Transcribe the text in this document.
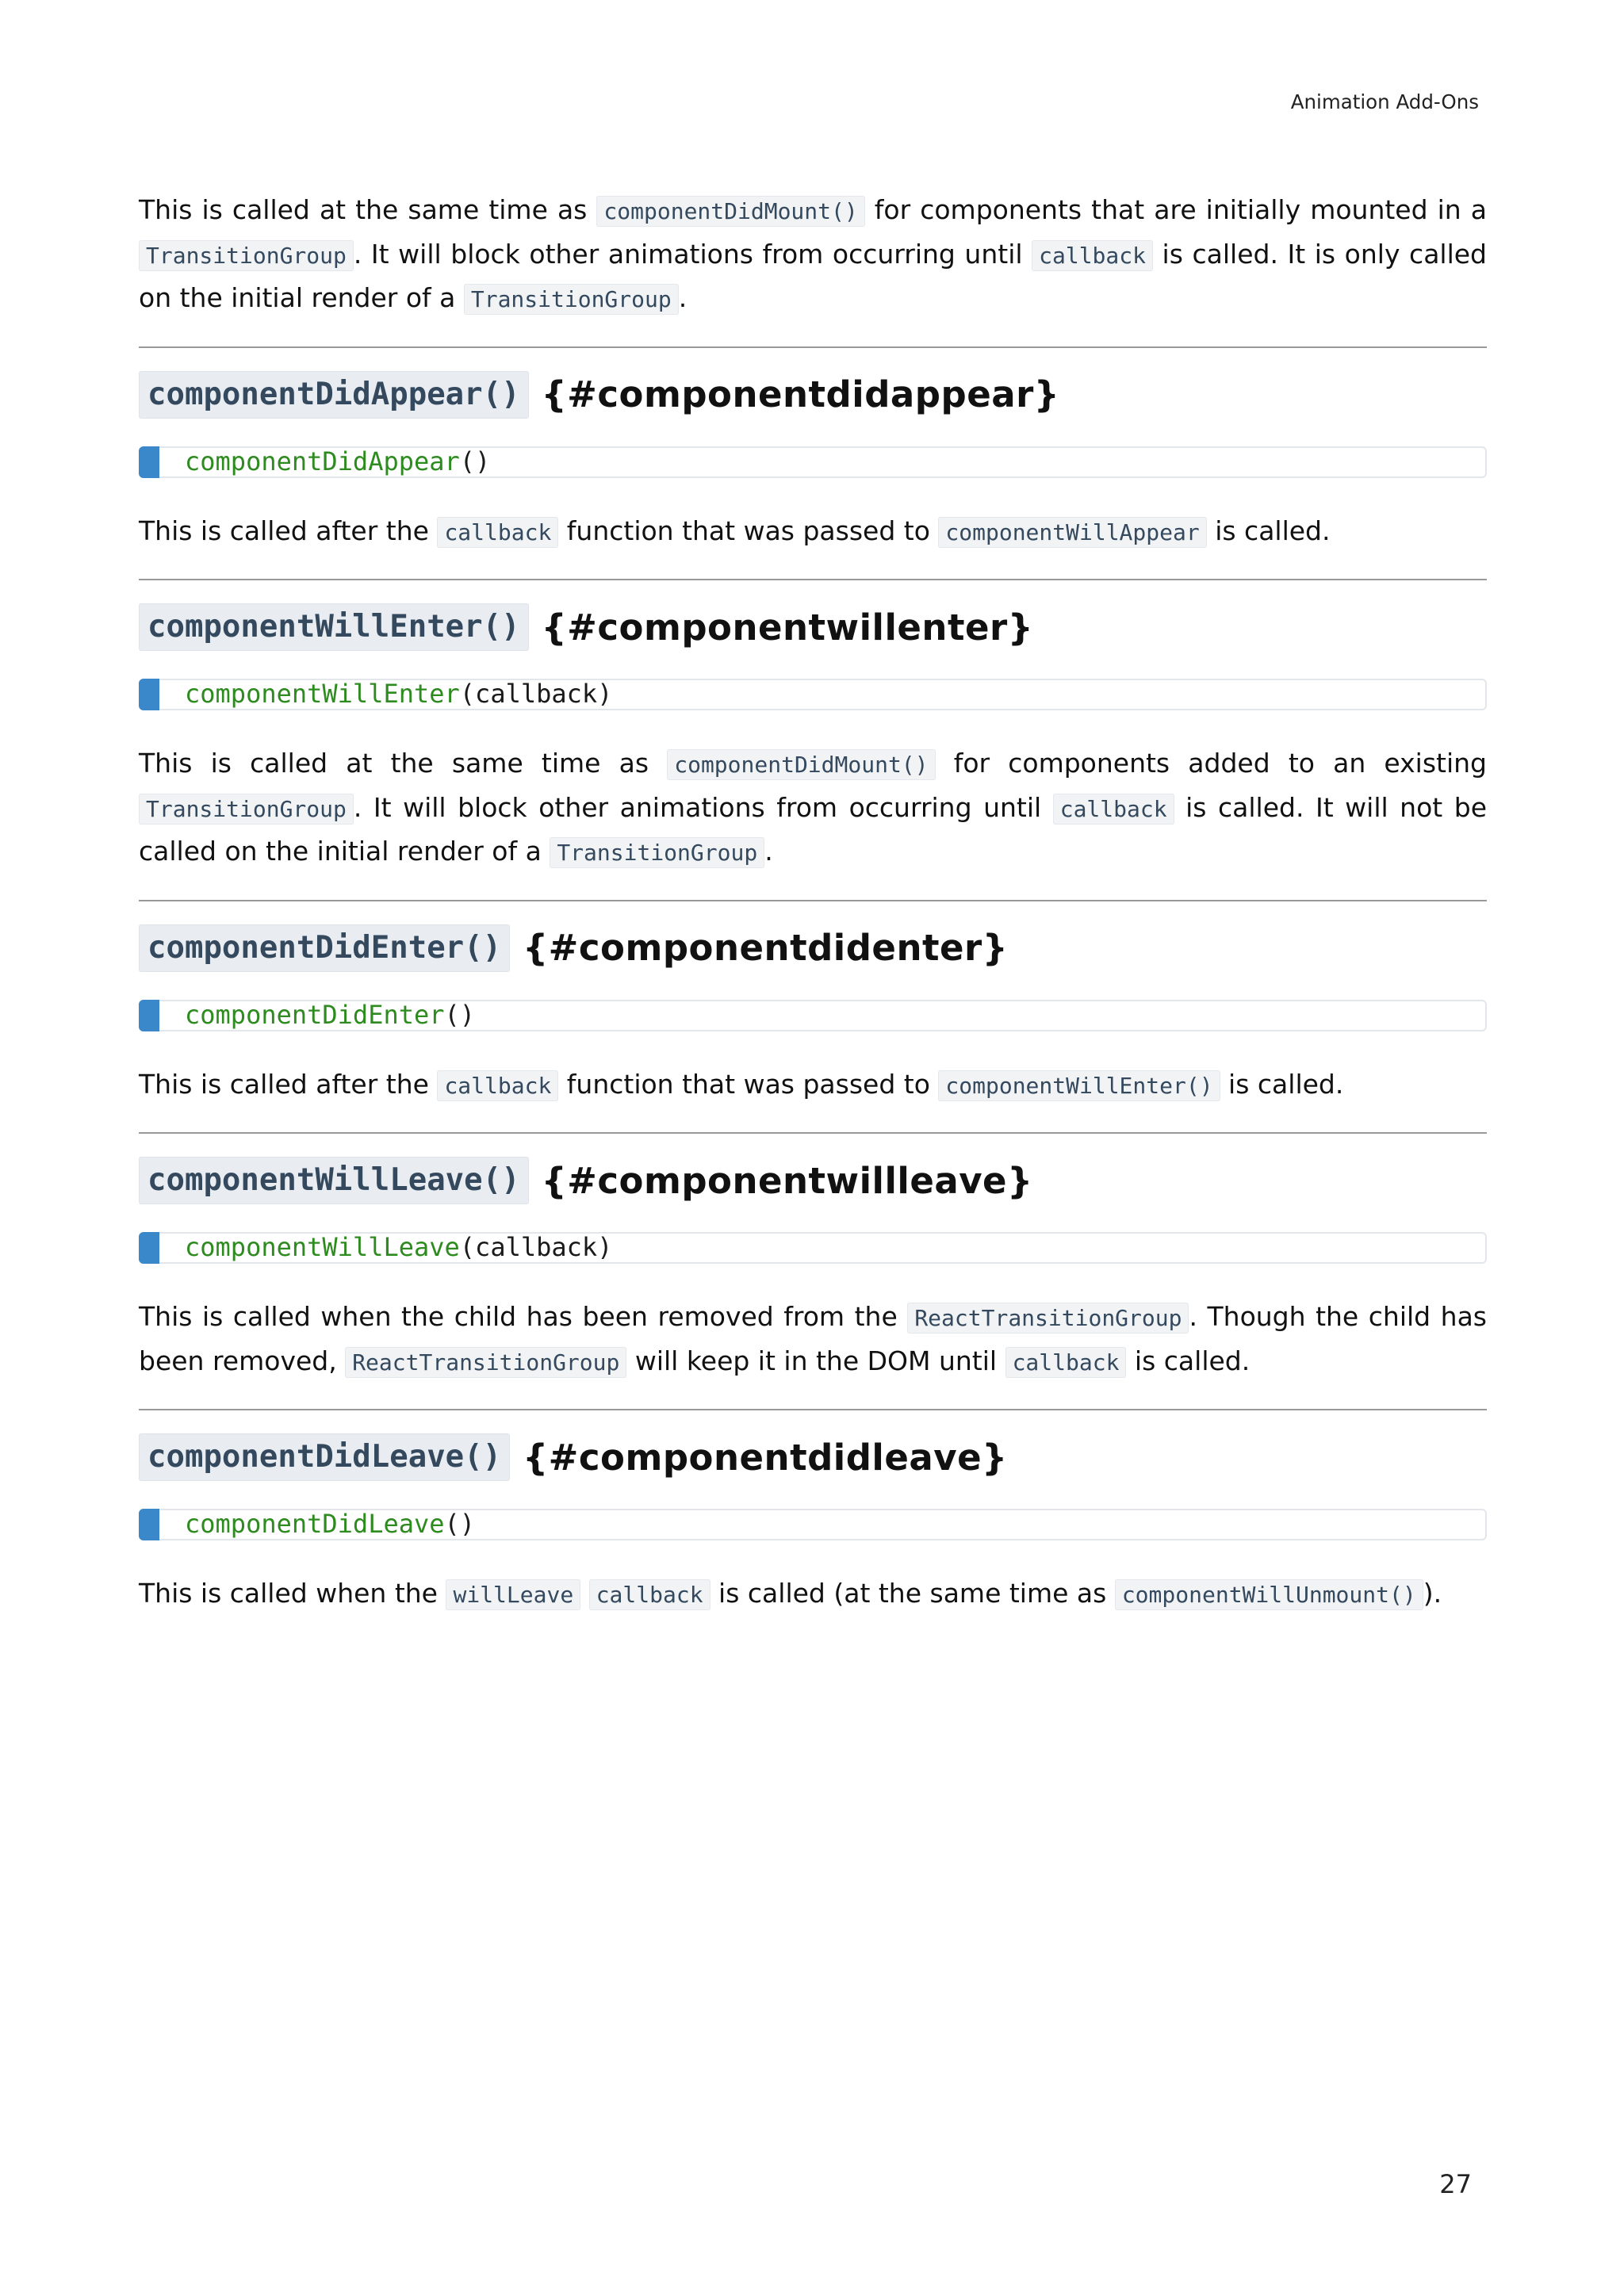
Animation Add-Ons

This is called at the same time as componentDidMount() for components that are initially mounted in a TransitionGroup . It will block other animations from occurring until callback is called. It is only called on the initial render of a TransitionGroup .

componentDidAppear() {#componentdidappear}
componentDidAppear()

This is called after the callback function that was passed to componentWillAppear is called.

componentWillEnter() {#componentwillenter}
componentWillEnter(callback)

This is called at the same time as componentDidMount() for components added to an existing TransitionGroup . It will block other animations from occurring until callback is called. It will not be called on the initial render of a TransitionGroup .

componentDidEnter() {#componentdidenter}
componentDidEnter()

This is called after the callback function that was passed to componentWillEnter() is called.

componentWillLeave() {#componentwillleave}
componentWillLeave(callback)

This is called when the child has been removed from the ReactTransitionGroup . Though the child has been removed, ReactTransitionGroup will keep it in the DOM until callback is called.

componentDidLeave() {#componentdidleave}
componentDidLeave()

This is called when the willLeave callback is called (at the same time as componentWillUnmount() ).

27
